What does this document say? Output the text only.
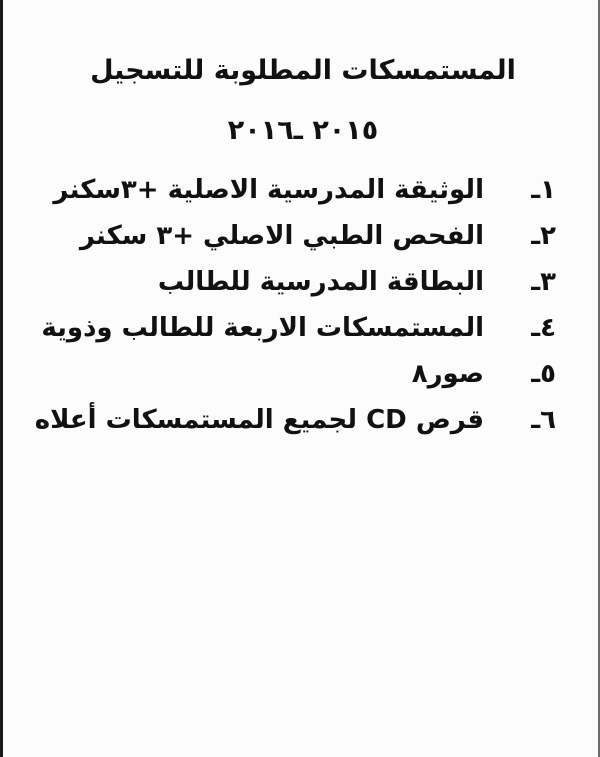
المستمسكات المطلوبة للتسجيل
٢٠١٥ ـ٢٠١٦
١ـ
الوثيقة المدرسية الاصلية +٣سكنر
٢ـ
الفحص الطبي الاصلي +٣ سكنر
٣ـ
البطاقة المدرسية للطالب
٤ـ
المستمسكات الاربعة للطالب وذوية
٥ـ
صور٨
٦ـ
قرص CD لجميع المستمسكات أعلاه
